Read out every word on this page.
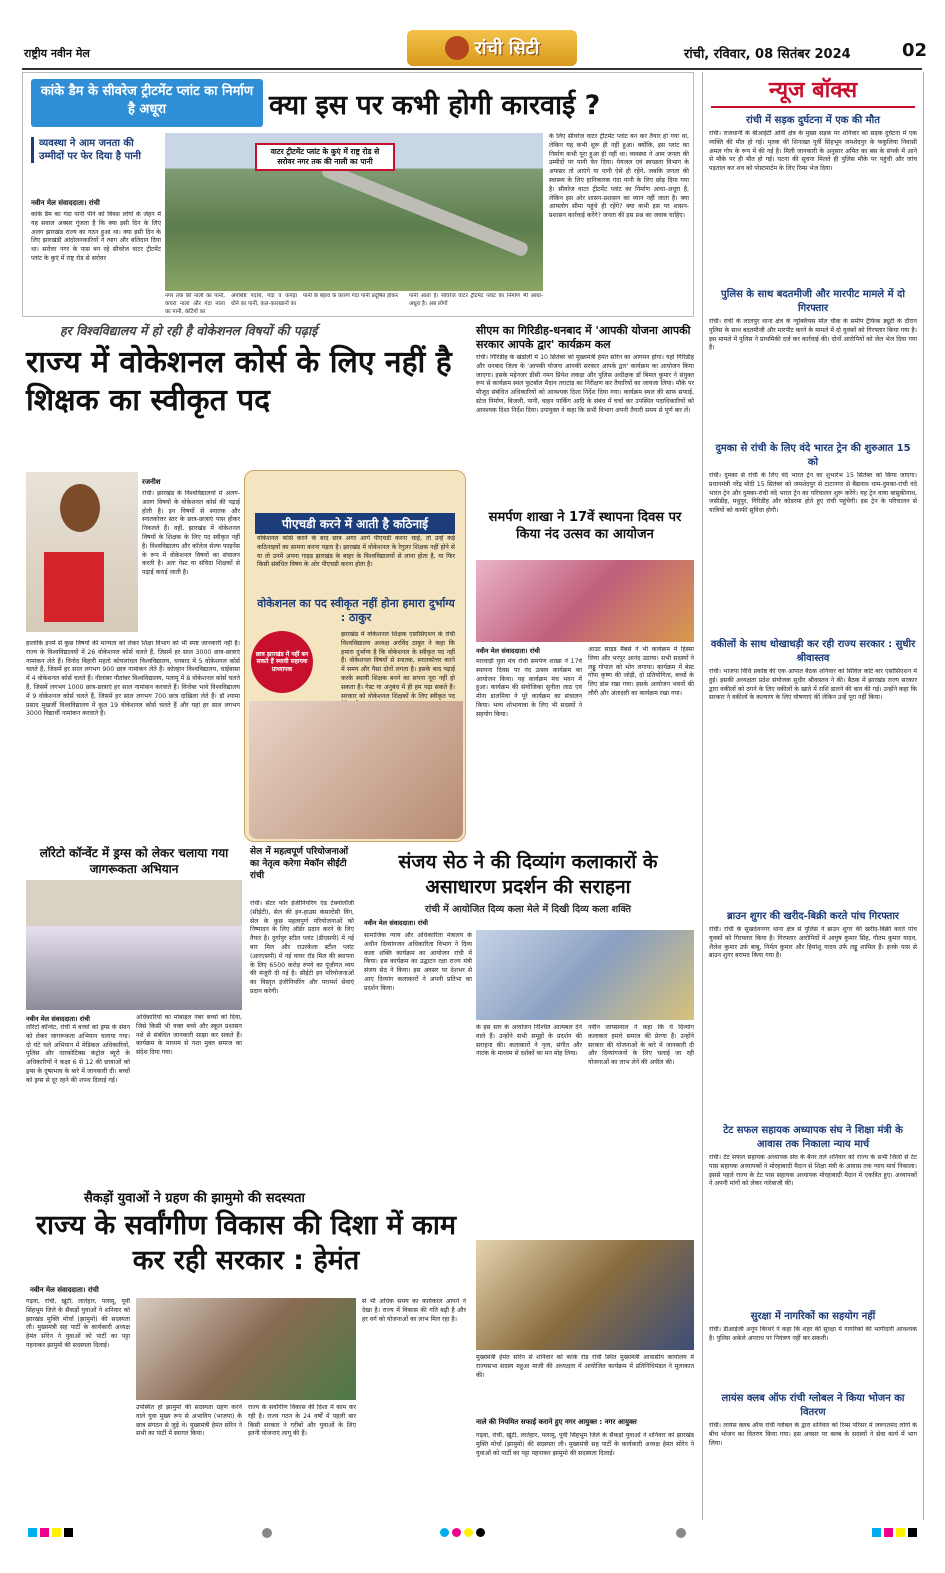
राष्ट्रीय नवीन मेल	रांची सिटी	रांची, रविवार, 08 सितंबर 2024	02
कांके डैम के सीवरेज ट्रीटमेंट प्लांट का निर्माण है अधूरा	क्या इस पर कभी होगी कारवाई ?
व्यवस्था ने आम जनता की उम्मीदों पर फेर दिया है पानी
नवीन मेल संवाददाता। रांची
कांके डैम का गंदा पानी पीने को विवश लोगों के जेहन में यह सवाल अक्सर गूंजता है कि क्या इसी दिन के लिए अलग झारखंड राज्य का गठन हुआ था। क्या इसी दिन के लिए झारखंडी आंदोलनकारियों ने त्याग और बलिदान दिया था। सरोवर नगर के पास बन रहे सीवरेज वाटर ट्रीटमेंट प्लांट के कुएं में राष्ट्र रोड से सरोवर
वाटर ट्रीटमेंट प्लांट के कुएं में राष्ट्र रोड से सरोवर नगर तक की नाली का पानी
नगर तक की नाली का पानी, कचरा नाला और गंदा नाला का पानी, कंटिंगों का
अपशिष्ट पदार्थ, गंदा व कपड़ा धोने का पानी, कल-कारखानों का
पानी के बहाव के कारण गंदा पानी प्रदूषित होकर	पानी आता है। सीवरेज वाटर ट्रीटमेंट प्लांट का निर्माण भी आधा-अधूरा है। अब लोगों
के लिए सीवरेज वाटर ट्रीटमेंट प्लांट बन कर तैयार हो गया था, लेकिन यह कभी शुरू ही नहीं हुआ। क्योंकि, इस प्लांट का निर्माण कभी पूरा हुआ ही नहीं था। व्यवस्था ने आम जनता की उम्मीदों पर पानी फेर दिया। पेयजल एवं स्वच्छता विभाग के अफसर तो आएंगे या पानी ऐसे ही रहेंगे, जबकि जनता की स्वास्थ्य के लिए हानिकारक गंदा पानी के लिए छोड़ दिया गया है। सीवरेज वाटर ट्रीटमेंट प्लांट का निर्माण आधा-अधूरा है, लेकिन इस ओर शासन-प्रशासन का ध्यान नहीं जाता है। क्या आमलोग सीमा पहुंचे ही रहेंगे? क्या कभी इस पर शासन-प्रशासन कार्रवाई करेंगे? जनता की इस प्रश्न का जवाब चाहिए।
हर विश्वविद्यालय में हो रही है वोकेशनल विषयों की पढ़ाई
राज्य में वोकेशनल कोर्स के लिए नहीं है शिक्षक का स्वीकृत पद
रजनीश
रांची। झारखंड के विश्वविद्यालयों में अलग-अलग विषयों के वोकेशनल कोर्स की पढ़ाई होती है। इन विषयों से स्नातक और स्नातकोत्तर स्तर के छात्र-छात्राएं पास होकर निकलते हैं। वहीं, झारखंड में वोकेशनल विषयों के शिक्षक के लिए पद स्वीकृत नहीं है। विश्वविद्यालय और कॉलेज सेल्फ फाइनेंस के रूप में वोकेशनल विषयों का संचालन करती है। अतः गेस्ट या संविदा शिक्षकों से पढ़ाई कराई जाती है।
हालांकि इनमें से कुछ विषयों की मान्यता को लेकर शिक्षा विभाग को भी स्पष्ट जानकारी नहीं है। राज्य के विश्वविद्यालयों में 26 वोकेशनल कोर्स चलते हैं, जिसमें हर साल 3000 छात्र-छात्राएं नामांकन लेते हैं। विनोद बिहारी महतो कोयलांचल विश्वविद्यालय, धनबाद में 5 वोकेशनल कोर्स चलते हैं, जिसमें हर साल लगभग 900 छात्र नामांकन लेते हैं। कोल्हान विश्वविद्यालय, चाईबासा में 4 वोकेशनल कोर्स चलते हैं। नीलांबर पीतांबर विश्वविद्यालय, पलामू में 8 वोकेशनल कोर्स चलते हैं, जिसमें लगभग 1000 छात्र-छात्राएं हर साल नामांकन करवाते हैं। विनोबा भावे विश्वविद्यालय में 9 वोकेशनल कोर्स चलते हैं, जिसमें हर साल लगभग 700 छात्र दाखिला लेते हैं। डॉ श्यामा प्रसाद मुखर्जी विश्वविद्यालय में कुल 19 वोकेशनल कोर्स चलते हैं और यहां हर साल लगभग 3000 विद्यार्थी नामांकन करवाते हैं।
पीएचडी करने में आती है कठिनाई
वोकेशनल कोर्स करने के बाद छात्र अगर आगे पीएचडी करना चाहें, तो उन्हें कई कठिनाइयों का सामना करना पड़ता है। झारखंड में वोकेशनल के रेगुलर शिक्षक नहीं होने से या तो उनमें अपना गाइड झारखंड के बाहर के विश्वविद्यालयों से लाना होता है, या फिर किसी संबंधित विषय के ओर पीएचडी करना होता है।
वोकेशनल का पद स्वीकृत नहीं होना हमारा दुर्भाग्य : ठाकुर
झारखंड में वोकेशनल शिक्षक एसोसिएशन के रांची विश्वविद्यालय अध्यक्ष अरविंद ठाकुर ने कहा कि हमारा दुर्भाग्य है कि वोकेशनल के स्वीकृत पद नहीं हैं। वोकेशनल विषयों से स्नातक, स्नातकोत्तर करने में समय और पैसा दोनों लगता है। इसके बाद पढ़ाई करके स्थायी शिक्षक बनने का सपना पूरा नहीं हो सकता है। गेस्ट या अनुबंध में ही हम पढ़ा सकते हैं। सरकार को वोकेशनल शिक्षकों के लिए स्वीकृत पद
छात्र झारखंड में नहीं बन सकते हैं स्थायी सहायक प्राध्यापक
सीएम का गिरिडीह-धनबाद में 'आपकी योजना आपकी सरकार आपके द्वार' कार्यक्रम कल
रांची। गिरिडीह के खंडोली में 10 सितंबर को मुख्यमंत्री हेमंत सोरेन का आगमन होगा। यहां गिरिडीह और धनबाद जिला के 'आपकी योजना आपकी सरकार आपके द्वार' कार्यक्रम का आयोजन किया जाएगा। इसके मद्देनजर डीसी नमन प्रियेश लकड़ा और पुलिस अधीक्षक डॉ बिमल कुमार ने संयुक्त रूप से कार्यक्रम स्थल फुटबॉल मैदान तराटांड़ का निरीक्षण कर तैयारियों का जायजा लिया। मौके पर मौजूद संबंधित अधिकारियों को आवश्यक दिशा निर्देश दिया गया। कार्यक्रम स्थल की साफ सफाई, स्टेज निर्माण, बिजली, पानी, वाहन पार्किंग आदि के संबंध में चर्चा कर उपस्थित पदाधिकारियों को आवश्यक दिशा निर्देश दिया। उपायुक्त ने कहा कि सभी विभाग अपनी तैयारी समय से पूर्ण कर लें।
समर्पण शाखा ने 17वें स्थापना दिवस पर किया नंद उत्सव का आयोजन
नवीन मेल संवाददाता। रांची
मारवाड़ी युवा मंच रांची समर्पण शाखा ने 17वें स्थापना दिवस पर नंद उत्सव कार्यक्रम का आयोजन किया। यह कार्यक्रम मंच भवन में हुआ। कार्यक्रम की संयोजिका सुनीता लाठ एवं मीना डालमिया ने पूरे कार्यक्रम का संचालन किया। भव्य शोभायात्रा के लिए भी सदस्यों ने सहयोग किया।
आउट साइड मैंबर्स ने भी कार्यक्रम में हिस्सा लिया और भरपूर आनंद उठाया। सभी सदस्यों ने लड्डू गोपाल को भोग लगाया। कार्यक्रम में बेस्ट गोपा कृष्ण की जोड़ी, दो प्रतियोगिता, बच्चों के लिए डांस रखा गया। इसके आयोजन भवनों की लौरी और अंताक्षरी का कार्यक्रम रखा गया।
लॉरेटो कॉन्वेंट में ड्रग्स को लेकर चलाया गया जागरूकता अभियान
नवीन मेल संवाददाता। रांची
लॉरेटो कॉन्वेंट, रांची में बच्चों को ड्रग्स के सेवन को लेकर जागरूकता अभियान चलाया गया। दो घंटे चले अभियान में मेडिकल अधिकारियों, पुलिस और नारकोटिक्स कंट्रोल ब्यूरो के अधिकारियों ने कक्षा 6 से 12 की छात्राओं को ड्रग्स के दुष्प्रभाव के बारे में जानकारी दी। बच्चों को ड्रग्स से दूर रहने की शपथ दिलाई गई।
अधिकारियों का मोबाइल नंबर बच्चों को दिया, जिसे किसी भी वक्त बच्चे और स्कूल प्रशासन नशे से संबंधित जानकारी साझा कर सकते हैं। कार्यक्रम के माध्यम से नशा मुक्त समाज का संदेश दिया गया।
सेल में महत्वपूर्ण परियोजनाओं का नेतृत्व करेगा मेकॉन सीईटी रांची
रांची। सेंटर फॉर इंजीनियरिंग एंड टेक्नोलॉजी (सीईटी), सेल की इन-हाउस कंसल्टेंसी विंग, सेल के कुछ महत्वपूर्ण परियोजनाओं को निष्पादन के लिए ऑर्डर प्रदान करने के लिए तैयार है। दुर्गापुर स्टील प्लांट (डीएसपी) में नई बार मिल और राउरकेला स्टील प्लांट (आरएसपी) में नई वायर रॉड मिल की स्थापना के लिए 6500 करोड़ रुपये का पूंजीगत व्यय की मंजूरी दी गई है। सीईटी इन परियोजनाओं का विस्तृत इंजीनियरिंग और परामर्श सेवाएं प्रदान करेगी।
संजय सेठ ने की दिव्यांग कलाकारों के असाधारण प्रदर्शन की सराहना
रांची में आयोजित दिव्य कला मेले में दिखी दिव्य कला शक्ति
नवीन मेल संवाददाता। रांची
सामाजिक न्याय और अधिकारिता मंत्रालय के अधीन दिव्यांगजन अधिकारिता विभाग ने दिव्य कला शक्ति कार्यक्रम का आयोजन रांची में किया। इस कार्यक्रम का उद्घाटन रक्षा राज्य मंत्री संजय सेठ ने किया। इस अवसर पर देशभर से आए दिव्यांग कलाकारों ने अपनी प्रतिभा का प्रदर्शन किया।
के इस स्तर के आयोजन निश्चित आत्मबल देने वाले हैं। उन्होंने सभी समूहों के प्रदर्शन की सराहना की। कलाकारों ने नृत्य, संगीत और नाटक के माध्यम से दर्शकों का मन मोह लिया।
नवीन जायसवाल ने कहा कि ये दिव्यांग कलाकार हमारे समाज की प्रेरणा हैं। उन्होंने सरकार की योजनाओं के बारे में जानकारी दी और दिव्यांगजनों के लिए चलाई जा रही योजनाओं का लाभ लेने की अपील की।
सैकड़ों युवाओं ने ग्रहण की झामुमो की सदस्यता
राज्य के सर्वांगीण विकास की दिशा में काम कर रही सरकार : हेमंत
नवीन मेल संवाददाता। रांची
गढ़वा, रांची, खूंटी, लातेहार, पलामू, पूर्वी सिंहभूम जिले के सैकड़ों युवाओं ने शनिवार को झारखंड मुक्ति मोर्चा (झामुमो) की सदस्यता ली। मुख्यमंत्री सह पार्टी के कार्यकारी अध्यक्ष हेमंत सोरेन ने युवाओं को पार्टी का पट्टा पहनाकर झामुमो की सदस्यता दिलाई।
उपस्थित हो झामुमो की सदस्यता ग्रहण करने वाले युवा मुख्य रूप से अभाविप (भाजपा) के छात्र संगठन से जुड़े थे। मुख्यमंत्री हेमंत सोरेन ने सभी का पार्टी में स्वागत किया।
राज्य के सर्वांगीण विकास की दिशा में काम कर रही है। राज्य गठन के 24 वर्षों में पहली बार किसी सरकार ने गरीबों और युवाओं के लिए इतनी योजनाएं लागू की हैं।
से भी अधिक समय का कार्यकाल आपने ने देखा है। राज्य में विकास की गति बढ़ी है और हर वर्ग को योजनाओं का लाभ मिल रहा है।
मुख्यमंत्री हेमंत सोरेन से शनिवार को कांके रोड रांची स्थित मुख्यमंत्री आवासीय कार्यालय में राज्यसभा सदस्य महुआ माजी की अध्यक्षता में आयोजित कार्यक्रम में प्रतिनिधिमंडल ने मुलाकात की।
नाले की नियमित सफाई कराने हुए नगर आयुक्त : नगर आयुक्त
गढ़वा, रांची, खूंटी, लातेहार, पलामू, पूर्वी सिंहभूम जिले के सैकड़ों युवाओं ने शनिवार को झारखंड मुक्ति मोर्चा (झामुमो) की सदस्यता ली। मुख्यमंत्री सह पार्टी के कार्यकारी अध्यक्ष हेमंत सोरेन ने युवाओं को पार्टी का पट्टा पहनाकर झामुमो की सदस्यता दिलाई।
न्यूज बॉक्स
रांची में सड़क दुर्घटना में एक की मौत
रांची। राजधानी के बीआईटी ओपी क्षेत्र के मुख्य सड़क पर शनिवार को सड़क दुर्घटना में एक व्यक्ति की मौत हो गई। मृतक की शिनाख्त पूर्वी सिंहभूम जमशेदपुर के फकुलिया निवासी अमल गोप के रूप में की गई है। मिली जानकारी के अनुसार अमित का बस के संपर्क में आने से मौके पर ही मौत हो गई। घटना की सूचना मिलते ही पुलिस मौके पर पहुंची और जांच पड़ताल कर शव को पोस्टमार्टम के लिए रिम्स भेज दिया।
पुलिस के साथ बदतमीजी और मारपीट मामले में दो गिरफ्तार
रांची। रांची के लालपुर थाना क्षेत्र के न्यूक्लियस मॉल चौक के समीप ट्रैफिक ड्यूटी के दौरान पुलिस के साथ बदतमीजी और मारपीट करने के मामले में दो युवकों को गिरफ्तार किया गया है। इस मामले में पुलिस ने प्राथमिकी दर्ज कर कार्रवाई की। दोनों आरोपियों को जेल भेज दिया गया है।
दुमका से रांची के लिए वंदे भारत ट्रेन की शुरुआत 15 को
रांची। दुमका से रांची के लिए वंदे भारत ट्रेन का शुभारंभ 15 सितंबर को किया जाएगा। प्रधानमंत्री नरेंद्र मोदी 15 सितंबर को जमशेदपुर से टाटानगर से बैद्यनाथ धाम-दुमका-रांची वंदे भारत ट्रेन और दुमका-रांची वंदे भारत ट्रेन का परिचालन शुरू करेंगे। यह ट्रेन वाया बासुकीनाथ, जसीडीह, मधुपुर, गिरिडीह और कोडरमा होते हुए रांची पहुंचेगी। इस ट्रेन के परिचालन से यात्रियों को काफी सुविधा होगी।
वकीलों के साथ धोखाधड़ी कर रही राज्य सरकार : सुधीर श्रीवास्तव
रांची। भाजपा विधि प्रकोष्ठ की एक आपात बैठक शनिवार को सिविल कोर्ट बार एसोसिएशन में हुई। इसकी अध्यक्षता प्रदेश संयोजक सुधीर श्रीवास्तव ने की। बैठक में झारखंड राज्य सरकार द्वारा वकीलों को ठगने के लिए वकीलों के खाते में राशि डालने की बात की गई। उन्होंने कहा कि सरकार ने वकीलों के कल्याण के लिए घोषणाएं कीं लेकिन उन्हें पूरा नहीं किया।
ब्राउन शुगर की खरीद-बिक्री करते पांच गिरफ्तार
रांची। रांची के सुखदेवनगर थाना क्षेत्र से पुलिस ने ब्राउन शुगर की खरीद-बिक्री करते पांच युवकों को गिरफ्तार किया है। गिरफ्तार आरोपियों में आयुष कुमार सिंह, गौतम कुमार यादव, शैलेश कुमार उर्फ बाबू, निर्मल कुमार और हिमांशु यादव उर्फ लड्डू शामिल हैं। इनके पास से ब्राउन शुगर बरामद किया गया है।
टेट सफल सहायक अध्यापक संघ ने शिक्षा मंत्री के आवास तक निकाला न्याय मार्च
रांची। टेट सफल सहायक अध्यापक संघ के बैनर तले शनिवार को राज्य के सभी जिलों से टेट पास सहायक अध्यापकों ने मोरहाबादी मैदान से शिक्षा मंत्री के आवास तक न्याय मार्च निकाला। इससे पहले राज्य के टेट पास सहायक अध्यापक मोरहाबादी मैदान में एकत्रित हुए। अध्यापकों ने अपनी मांगों को लेकर नारेबाजी की।
सुरक्षा में नागरिकों का सहयोग नहीं
रांची। डीआईजी अनूप बिरथरे ने कहा कि शहर की सुरक्षा में नागरिकों की भागीदारी आवश्यक है। पुलिस अकेले अपराध पर नियंत्रण नहीं कर सकती।
लायंस क्लब ऑफ रांची ग्लोबल ने किया भोजन का वितरण
रांची। लायंस क्लब ऑफ रांची ग्लोबल के द्वारा शनिवार को रिम्स परिसर में जरूरतमंद लोगों के बीच भोजन का वितरण किया गया। इस अवसर पर क्लब के सदस्यों ने सेवा कार्य में भाग लिया।
